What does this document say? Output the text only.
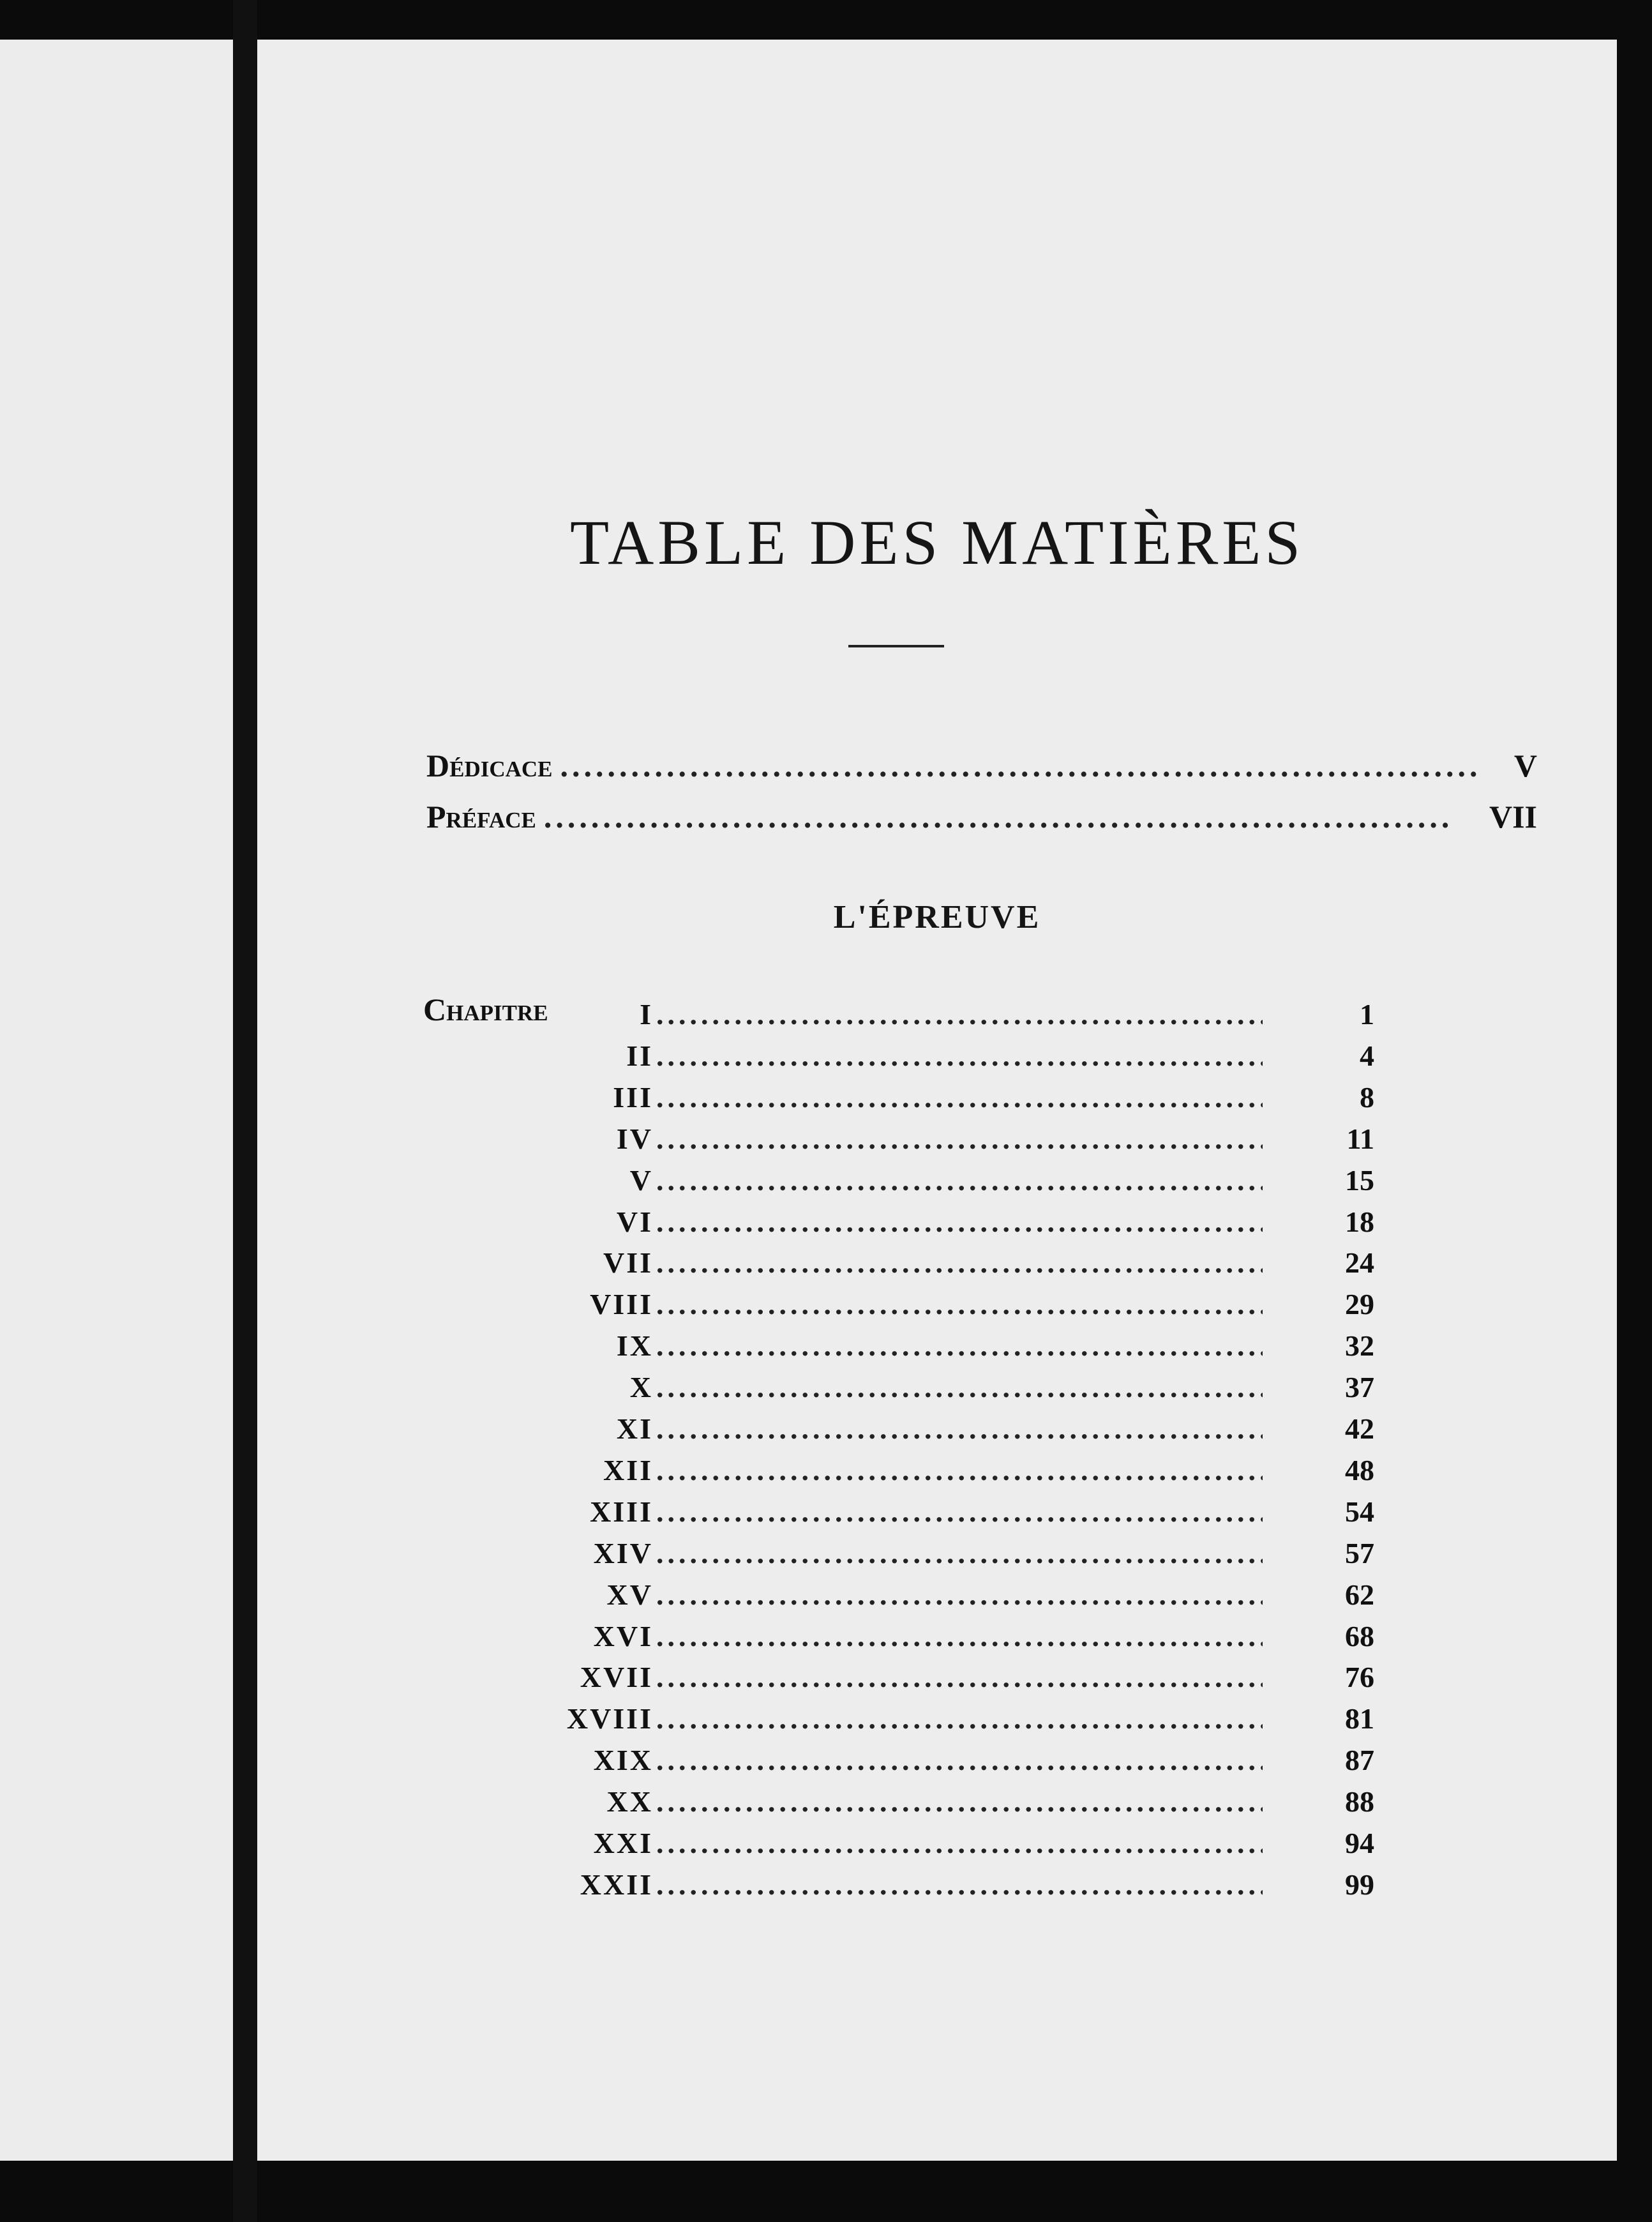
TABLE DES MATIÈRES
Dédicace .....	V
Préface .....	VII
L'ÉPREUVE
Chapitre	I .....	1
II .....	4
III .....	8
IV .....	11
V .....	15
VI .....	18
VII .....	24
VIII .....	29
IX .....	32
X .....	37
XI .....	42
XII .....	48
XIII .....	54
XIV .....	57
XV .....	62
XVI .....	68
XVII .....	76
XVIII .....	81
XIX .....	87
XX .....	88
XXI .....	94
XXII .....	99
